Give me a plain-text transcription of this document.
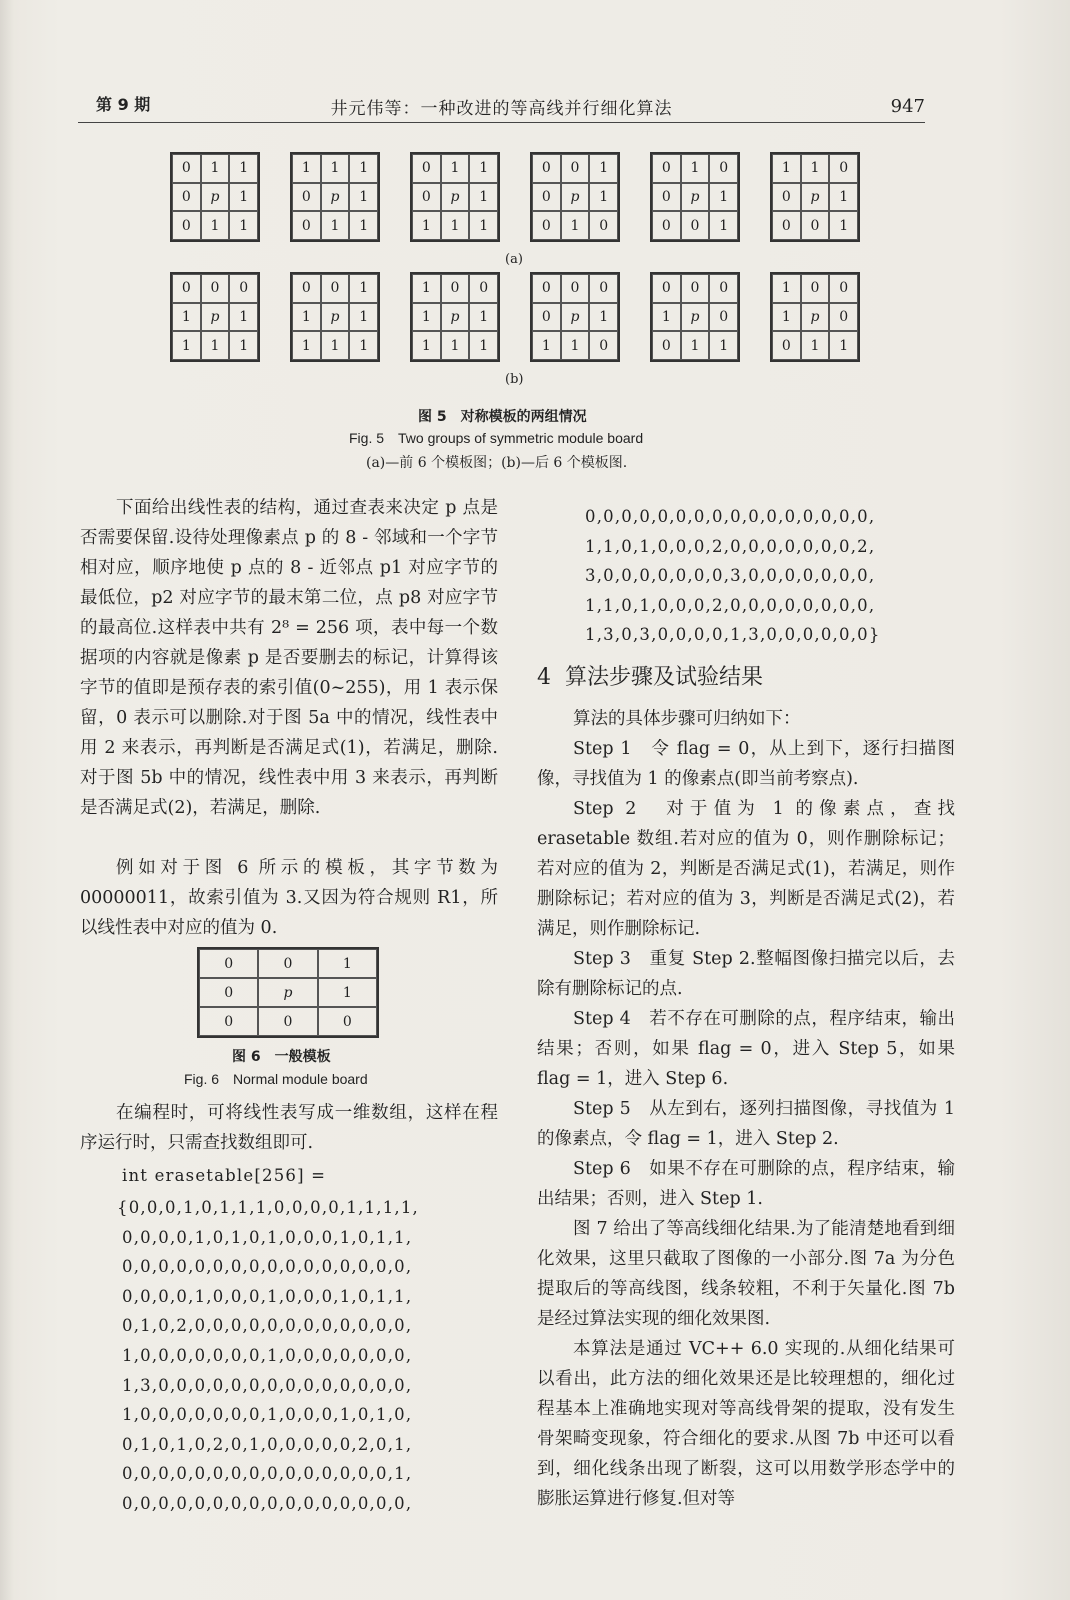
第 9 期	井元伟等：一种改进的等高线并行细化算法	947
0	1	1
0	p	1
0	1	1
1	1	1
0	p	1
0	1	1
0	1	1
0	p	1
1	1	1
0	0	1
0	p	1
0	1	0
0	1	0
0	p	1
0	0	1
1	1	0
0	p	1
0	0	1
0	0	0
1	p	1
1	1	1
0	0	1
1	p	1
1	1	1
1	0	0
1	p	1
1	1	1
0	0	0
0	p	1
1	1	0
0	0	0
1	p	0
0	1	1
1	0	0
1	p	0
0	1	1
(a)
(b)
图 5　对称模板的两组情况
Fig. 5　Two groups of symmetric module board
(a)—前 6 个模板图；(b)—后 6 个模板图.

下面给出线性表的结构，通过查表来决定 p 点是否需要保留.设待处理像素点 p 的 8 - 邻域和一个字节相对应，顺序地使 p 点的 8 - 近邻点 p1 对应字节的最低位，p2 对应字节的最末第二位，点 p8 对应字节的最高位.这样表中共有 2⁸ = 256 项，表中每一个数据项的内容就是像素 p 是否要删去的标记，计算得该字节的值即是预存表的索引值(0~255)，用 1 表示保留，0 表示可以删除.对于图 5a 中的情况，线性表中用 2 来表示，再判断是否满足式(1)，若满足，删除.对于图 5b 中的情况，线性表中用 3 来表示，再判断是否满足式(2)，若满足，删除.

例如对于图 6 所示的模板，其字节数为 00000011，故索引值为 3.又因为符合规则 R1，所以线性表中对应的值为 0.

0	0	1
0	p	1
0	0	0
图 6　一般模板
Fig. 6　Normal module board

在编程时，可将线性表写成一维数组，这样在程序运行时，只需查找数组即可.

int erasetable[256] =
{0,0,0,1,0,1,1,1,0,0,0,0,1,1,1,1,
0,0,0,0,1,0,1,0,1,0,0,0,1,0,1,1,
0,0,0,0,0,0,0,0,0,0,0,0,0,0,0,0,
0,0,0,0,1,0,0,0,1,0,0,0,1,0,1,1,
0,1,0,2,0,0,0,0,0,0,0,0,0,0,0,0,
1,0,0,0,0,0,0,0,1,0,0,0,0,0,0,0,
1,3,0,0,0,0,0,0,0,0,0,0,0,0,0,0,
1,0,0,0,0,0,0,0,1,0,0,0,1,0,1,0,
0,1,0,1,0,2,0,1,0,0,0,0,0,2,0,1,
0,0,0,0,0,0,0,0,0,0,0,0,0,0,0,1,
0,0,0,0,0,0,0,0,0,0,0,0,0,0,0,0,
0,0,0,0,0,0,0,0,0,0,0,0,0,0,0,0,
1,1,0,1,0,0,0,2,0,0,0,0,0,0,0,2,
3,0,0,0,0,0,0,0,3,0,0,0,0,0,0,0,
1,1,0,1,0,0,0,2,0,0,0,0,0,0,0,0,
1,3,0,3,0,0,0,0,1,3,0,0,0,0,0,0}
4 算法步骤及试验结果

算法的具体步骤可归纳如下：

Step 1　令 flag = 0，从上到下，逐行扫描图像，寻找值为 1 的像素点(即当前考察点).

Step 2　对于值为 1 的像素点，查找 erasetable 数组.若对应的值为 0，则作删除标记；若对应的值为 2，判断是否满足式(1)，若满足，则作删除标记；若对应的值为 3，判断是否满足式(2)，若满足，则作删除标记.

Step 3　重复 Step 2.整幅图像扫描完以后，去除有删除标记的点.

Step 4　若不存在可删除的点，程序结束，输出结果；否则，如果 flag = 0，进入 Step 5，如果 flag = 1，进入 Step 6.

Step 5　从左到右，逐列扫描图像，寻找值为 1 的像素点，令 flag = 1，进入 Step 2.

Step 6　如果不存在可删除的点，程序结束，输出结果；否则，进入 Step 1.

图 7 给出了等高线细化结果.为了能清楚地看到细化效果，这里只截取了图像的一小部分.图 7a 为分色提取后的等高线图，线条较粗，不利于矢量化.图 7b 是经过算法实现的细化效果图.

本算法是通过 VC++ 6.0 实现的.从细化结果可以看出，此方法的细化效果还是比较理想的，细化过程基本上准确地实现对等高线骨架的提取，没有发生骨架畸变现象，符合细化的要求.从图 7b 中还可以看到，细化线条出现了断裂，这可以用数学形态学中的膨胀运算进行修复.但对等
